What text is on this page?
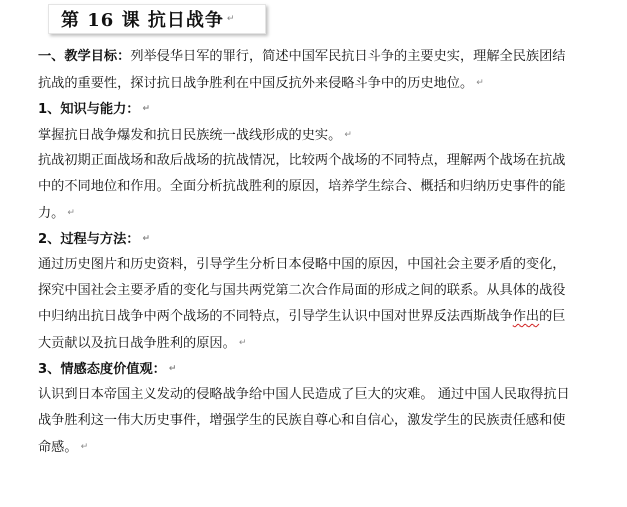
第 16 课 抗日战争 ↵
一、教学目标：列举侵华日军的罪行，简述中国军民抗日斗争的主要史实，理解全民族团结
抗战的重要性，探讨抗日战争胜利在中国反抗外来侵略斗争中的历史地位。 ↵
1、知识与能力： ↵
掌握抗日战争爆发和抗日民族统一战线形成的史实。 ↵
抗战初期正面战场和敌后战场的抗战情况，比较两个战场的不同特点，理解两个战场在抗战
中的不同地位和作用。全面分析抗战胜利的原因，培养学生综合、概括和归纳历史事件的能
力。 ↵
2、过程与方法： ↵
通过历史图片和历史资料，引导学生分析日本侵略中国的原因，中国社会主要矛盾的变化，
探究中国社会主要矛盾的变化与国共两党第二次合作局面的形成之间的联系。从具体的战役
中归纳出抗日战争中两个战场的不同特点，引导学生认识中国对世界反法西斯战争作出的巨
大贡献以及抗日战争胜利的原因。 ↵
3、情感态度价值观： ↵
认识到日本帝国主义发动的侵略战争给中国人民造成了巨大的灾难。 通过中国人民取得抗日
战争胜利这一伟大历史事件，增强学生的民族自尊心和自信心，激发学生的民族责任感和使
命感。 ↵
